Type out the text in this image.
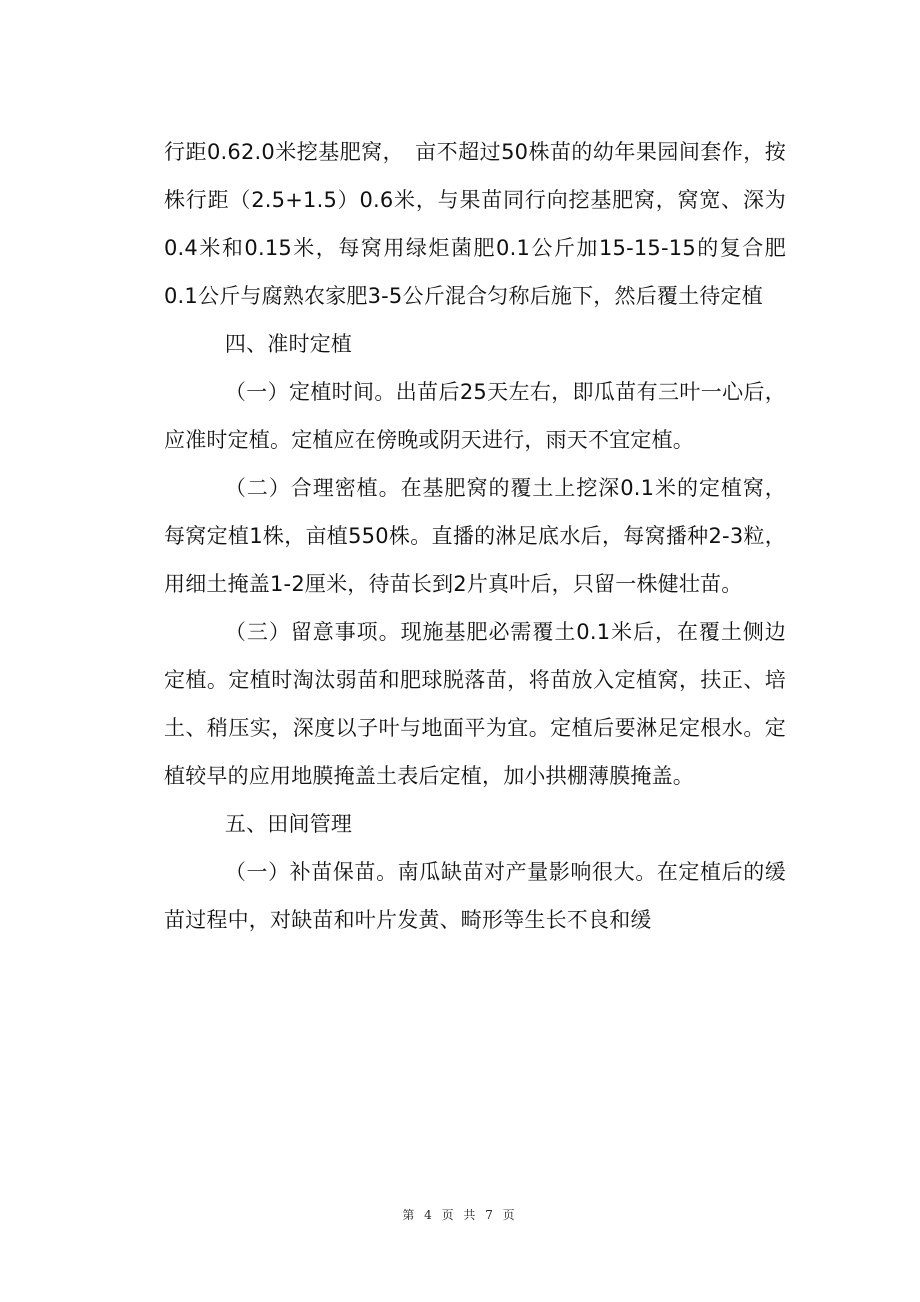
行距0.62.0米挖基肥窝，　亩不超过50株苗的幼年果园间套作，按株行距（2.5+1.5）0.6米，与果苗同行向挖基肥窝，窝宽、深为0.4米和0.15米，每窝用绿炬菌肥0.1公斤加15-15-15的复合肥0.1公斤与腐熟农家肥3-5公斤混合匀称后施下，然后覆土待定植

四、准时定植

（一）定植时间。出苗后25天左右，即瓜苗有三叶一心后，应准时定植。定植应在傍晚或阴天进行，雨天不宜定植。

（二）合理密植。在基肥窝的覆土上挖深0.1米的定植窝，每窝定植1株，亩植550株。直播的淋足底水后，每窝播种2-3粒，用细土掩盖1-2厘米，待苗长到2片真叶后，只留一株健壮苗。

（三）留意事项。现施基肥必需覆土0.1米后，在覆土侧边定植。定植时淘汰弱苗和肥球脱落苗，将苗放入定植窝，扶正、培土、稍压实，深度以子叶与地面平为宜。定植后要淋足定根水。定植较早的应用地膜掩盖土表后定植，加小拱棚薄膜掩盖。

五、田间管理

（一）补苗保苗。南瓜缺苗对产量影响很大。在定植后的缓苗过程中，对缺苗和叶片发黄、畸形等生长不良和缓

第 4 页 共 7 页
